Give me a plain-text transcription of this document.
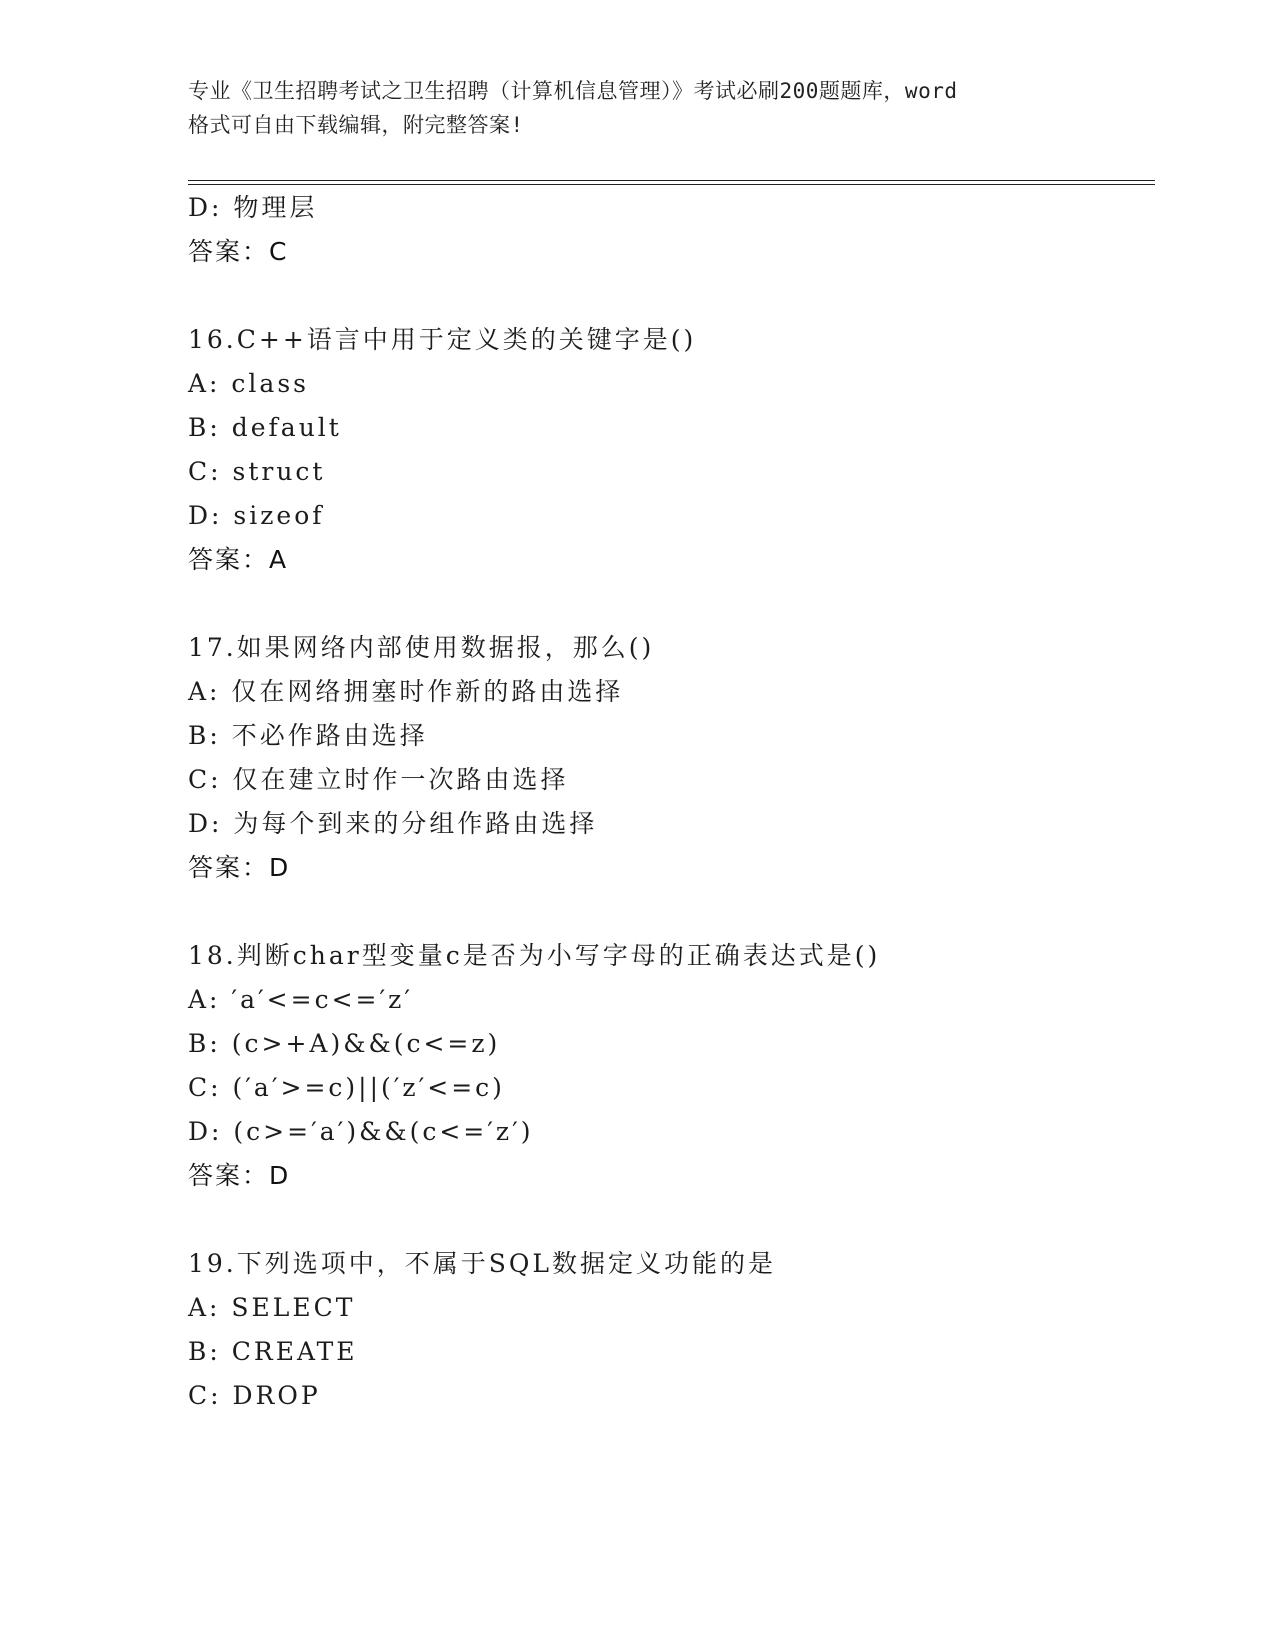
专业《卫生招聘考试之卫生招聘（计算机信息管理）》考试必刷200题题库，word
格式可自由下载编辑，附完整答案!
D: 物理层
答案：C
16.C++语言中用于定义类的关键字是()
A: class
B: default
C: struct
D: sizeof
答案：A
17.如果网络内部使用数据报，那么()
A: 仅在网络拥塞时作新的路由选择
B: 不必作路由选择
C: 仅在建立时作一次路由选择
D: 为每个到来的分组作路由选择
答案：D
18.判断char型变量c是否为小写字母的正确表达式是()
A: ′a′<=c<=′z′
B: (c>+A)&&(c<=z)
C: (′a′>=c)||(′z′<=c)
D: (c>=′a′)&&(c<=′z′)
答案：D
19.下列选项中，不属于SQL数据定义功能的是
A: SELECT
B: CREATE
C: DROP
